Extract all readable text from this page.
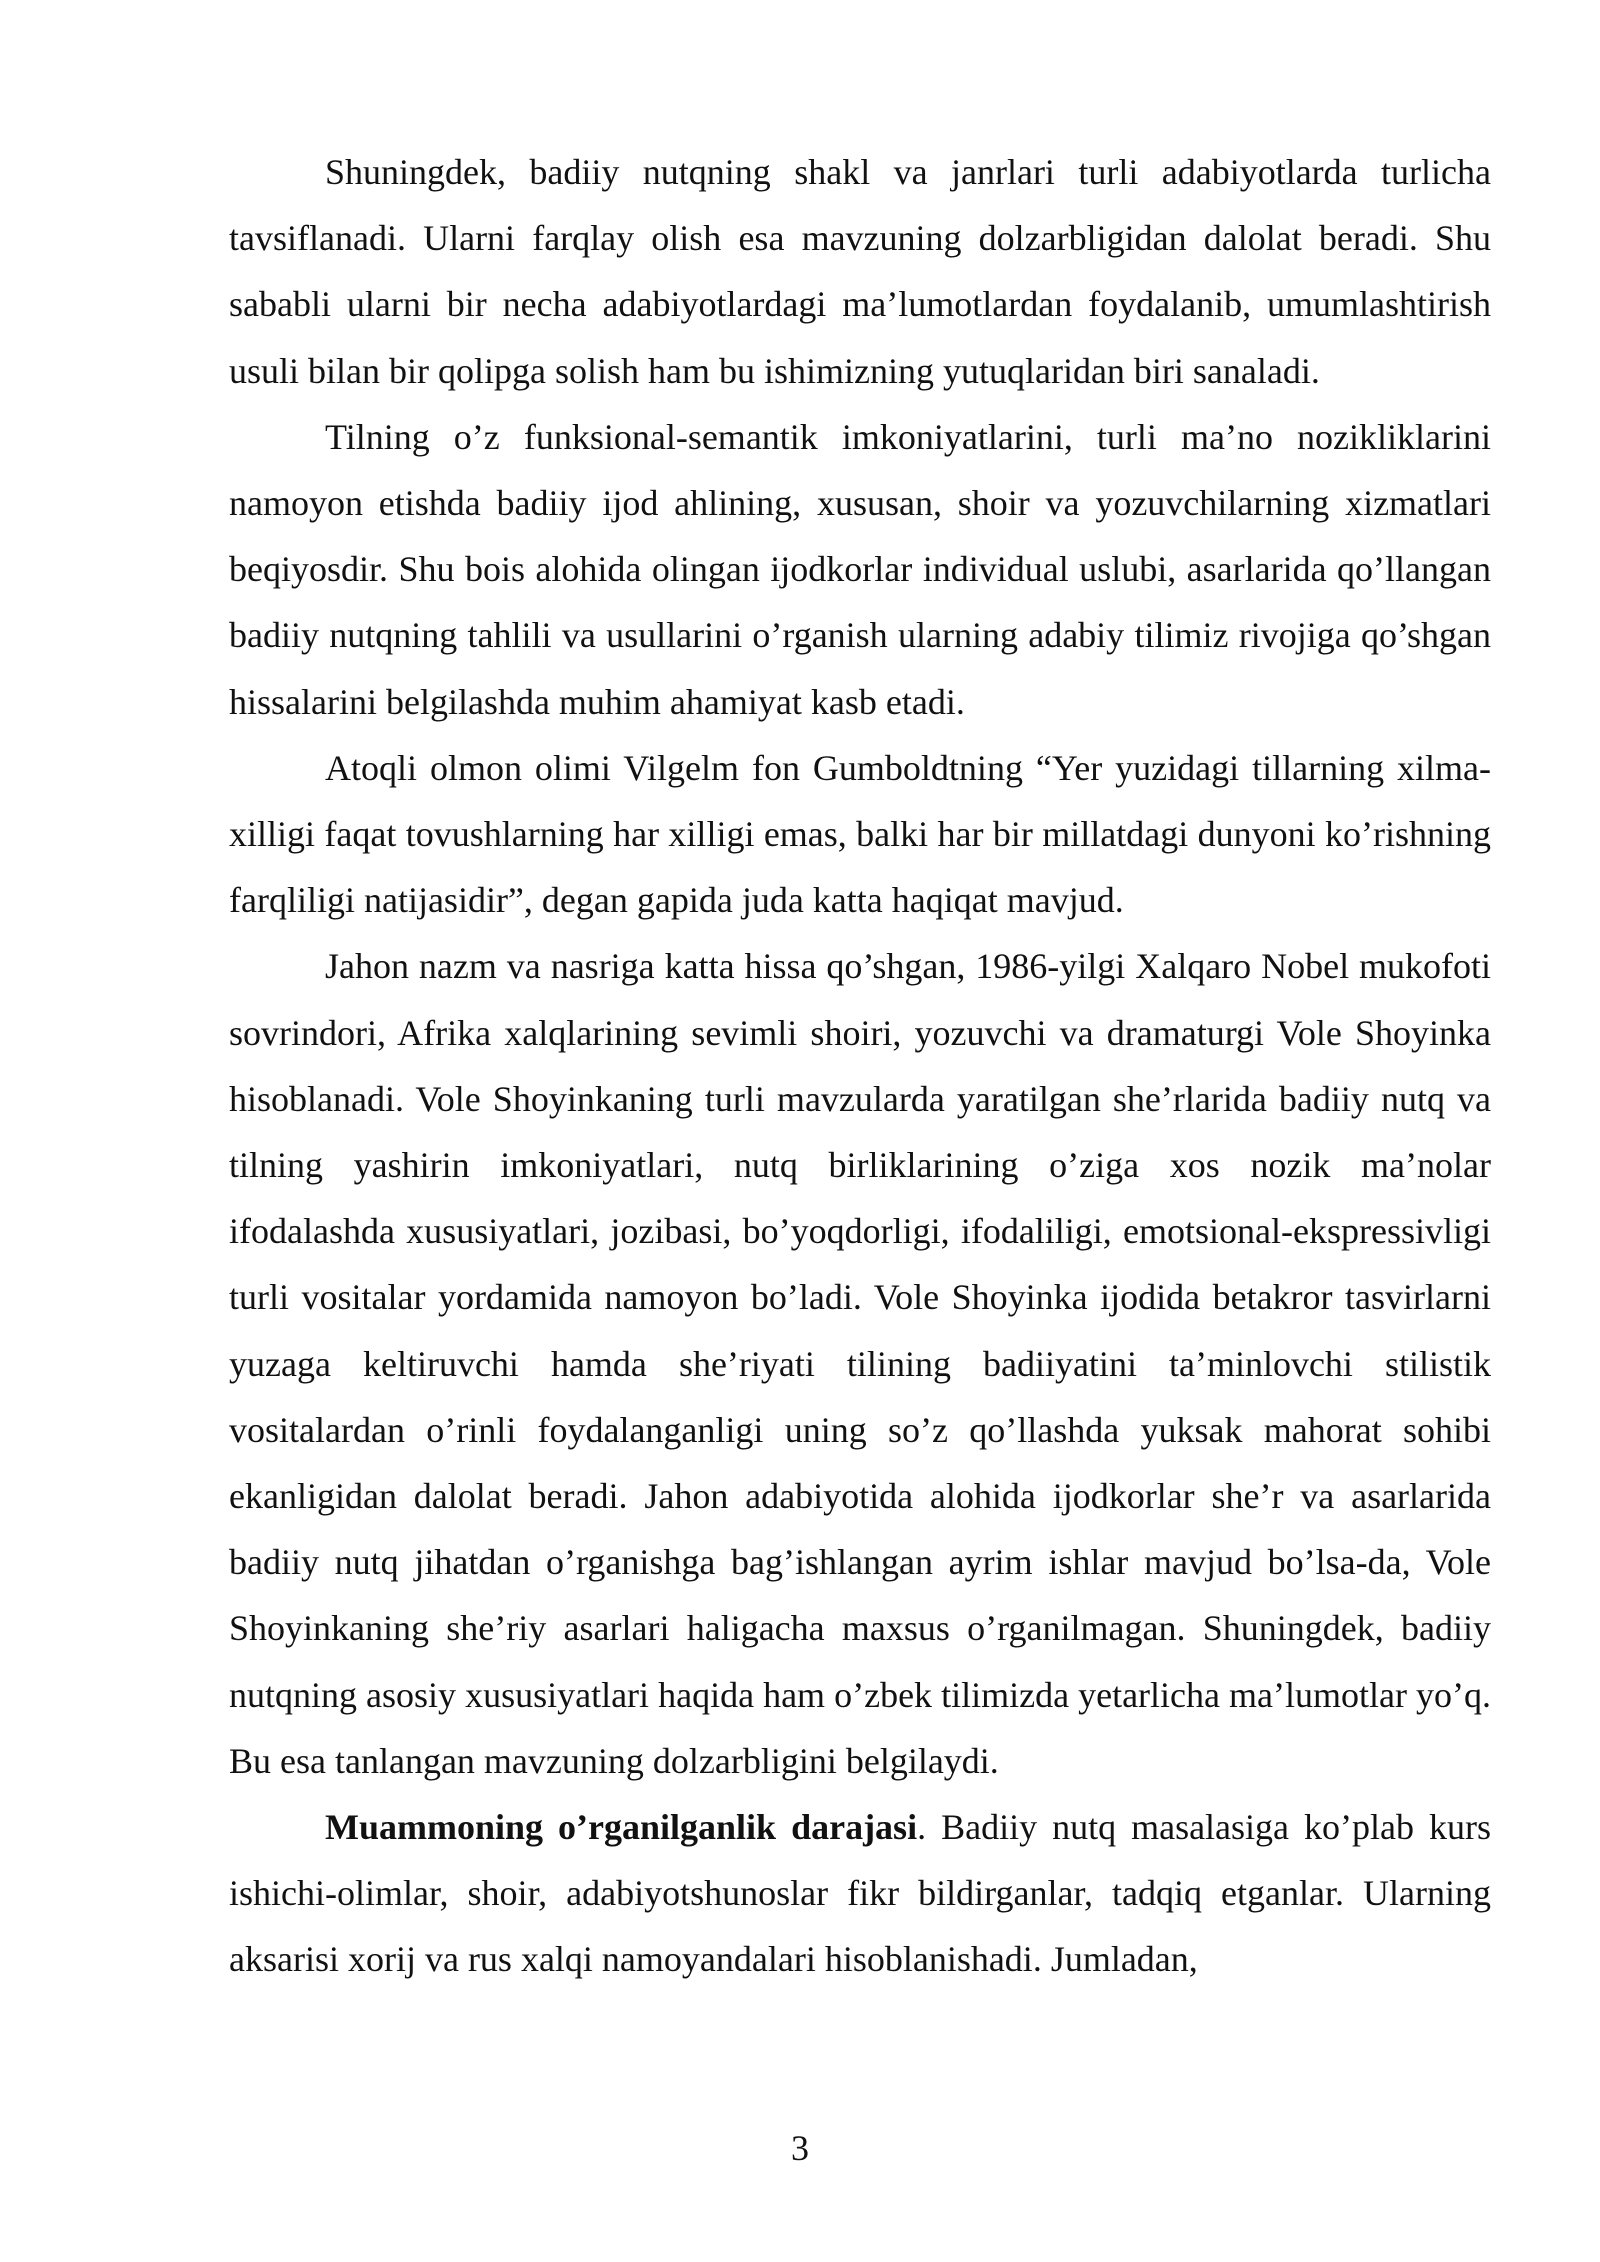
Shuningdek, badiiy nutqning shakl va janrlari turli adabiyotlarda turlicha tavsiflanadi. Ularni farqlay olish esa mavzuning dolzarbligidan dalolat beradi. Shu sababli ularni bir necha adabiyotlardagi ma’lumotlardan foydalanib, umumlashtirish usuli bilan bir qolipga solish ham bu ishimizning yutuqlaridan biri sanaladi.

Tilning o’z funksional-semantik imkoniyatlarini, turli ma’no nozikliklarini namoyon etishda badiiy ijod ahlining, xususan, shoir va yozuvchilarning xizmatlari beqiyosdir. Shu bois alohida olingan ijodkorlar individual uslubi, asarlarida qo’llangan badiiy nutqning tahlili va usullarini o’rganish ularning adabiy tilimiz rivojiga qo’shgan hissalarini belgilashda muhim ahamiyat kasb etadi.

Atoqli olmon olimi Vilgelm fon Gumboldtning “Yer yuzidagi tillarning xilma-xilligi faqat tovushlarning har xilligi emas, balki har bir millatdagi dunyoni ko’rishning farqliligi natijasidir”, degan gapida juda katta haqiqat mavjud.

Jahon nazm va nasriga katta hissa qo’shgan, 1986-yilgi Xalqaro Nobel mukofoti sovrindori, Afrika xalqlarining sevimli shoiri, yozuvchi va dramaturgi Vole Shoyinka hisoblanadi. Vole Shoyinkaning turli mavzularda yaratilgan she’rlarida badiiy nutq va tilning yashirin imkoniyatlari, nutq birliklarining o’ziga xos nozik ma’nolar ifodalashda xususiyatlari, jozibasi, bo’yoqdorligi, ifodaliligi, emotsional-ekspressivligi turli vositalar yordamida namoyon bo’ladi. Vole Shoyinka ijodida betakror tasvirlarni yuzaga keltiruvchi hamda she’riyati tilining badiiyatini ta’minlovchi stilistik vositalardan o’rinli foydalanganligi uning so’z qo’llashda yuksak mahorat sohibi ekanligidan dalolat beradi. Jahon adabiyotida alohida ijodkorlar she’r va asarlarida badiiy nutq jihatdan o’rganishga bag’ishlangan ayrim ishlar mavjud bo’lsa-da, Vole Shoyinkaning she’riy asarlari haligacha maxsus o’rganilmagan. Shuningdek, badiiy nutqning asosiy xususiyatlari haqida ham o’zbek tilimizda yetarlicha ma’lumotlar yo’q. Bu esa tanlangan mavzuning dolzarbligini belgilaydi.

Muammoning o’rganilganlik darajasi. Badiiy nutq masalasiga ko’plab kurs ishichi-olimlar, shoir, adabiyotshunoslar fikr bildirganlar, tadqiq etganlar. Ularning aksarisi xorij va rus xalqi namoyandalari hisoblanishadi. Jumladan,

3
